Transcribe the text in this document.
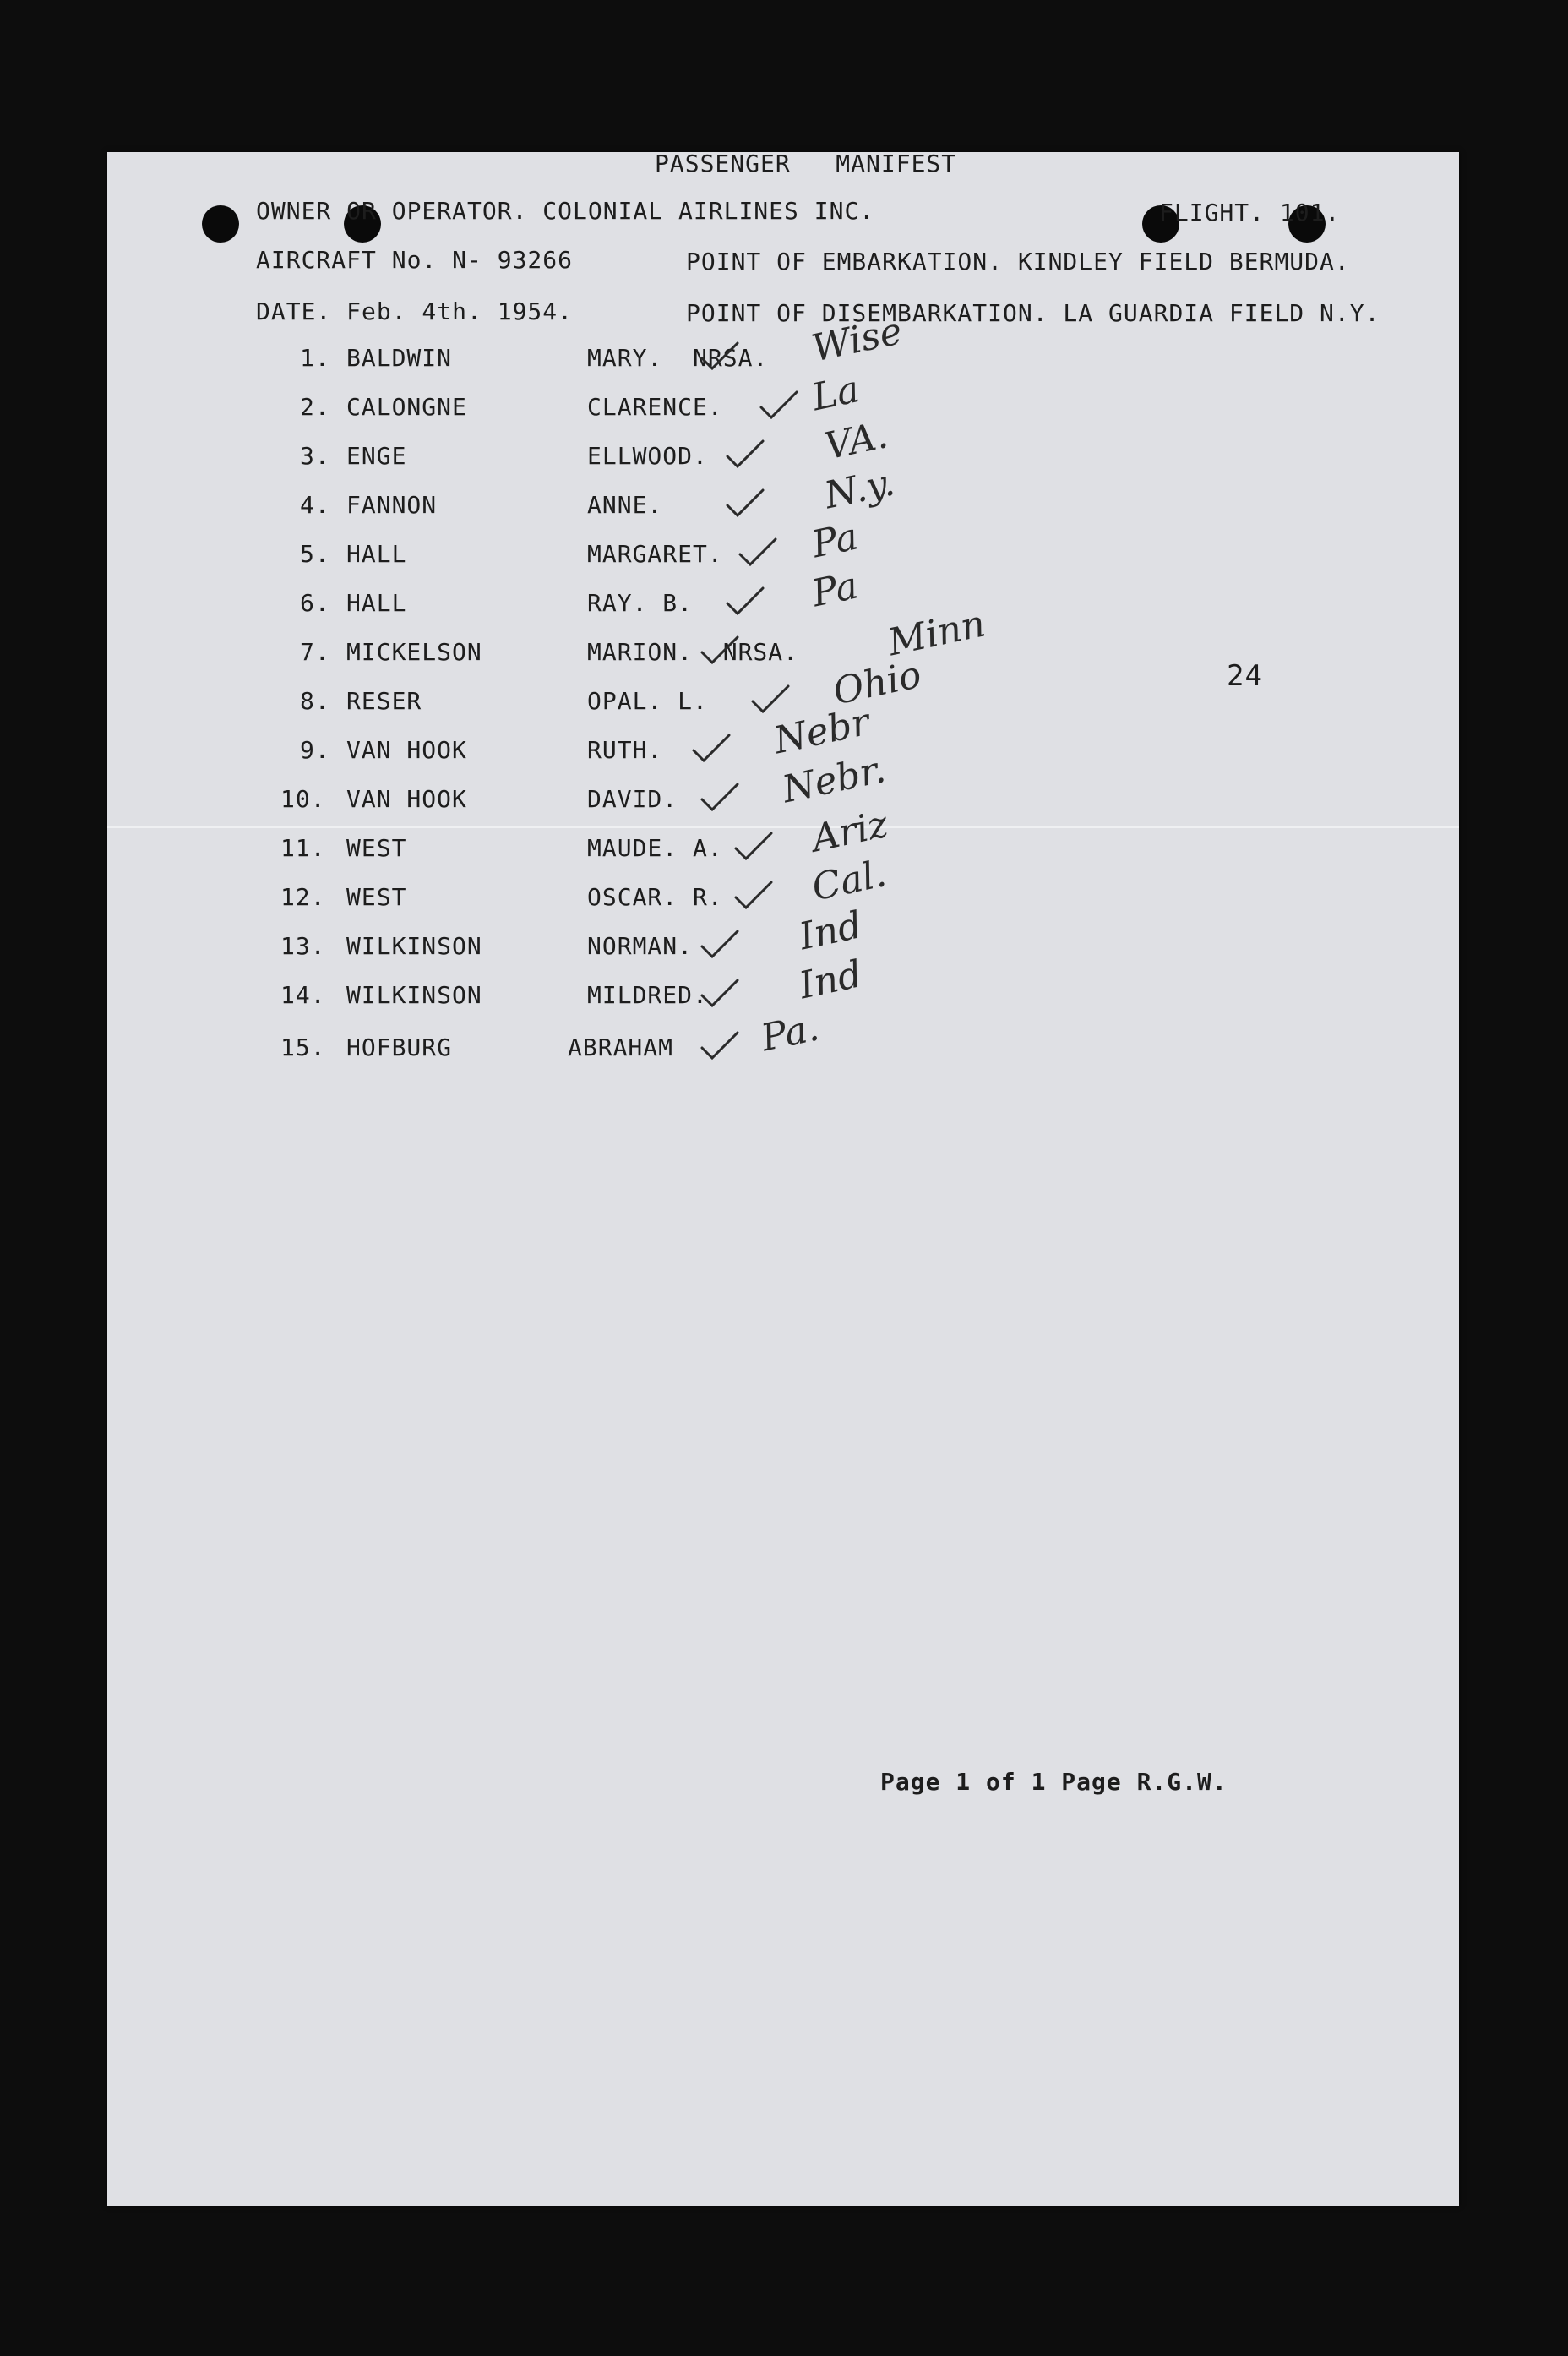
PASSENGER   MANIFEST
OWNER OR OPERATOR. COLONIAL AIRLINES INC.	FLIGHT. 101.
AIRCRAFT No. N- 93266	POINT OF EMBARKATION. KINDLEY FIELD BERMUDA.
DATE. Feb. 4th. 1954.	POINT OF DISEMBARKATION. LA GUARDIA FIELD N.Y.
1. BALDWIN	MARY.  NRSA. Wise
2. CALONGNE	CLARENCE. La
3. ENGE	ELLWOOD.	VA.
4. FANNON	ANNE.	N.y.
5. HALL	MARGARET. Pa
6. HALL	RAY. B.	Pa
7. MICKELSON	MARION.  NRSA. Minn
8. RESER	OPAL. L.	Ohio
9. VAN HOOK	RUTH.	Nebr
10. VAN HOOK	DAVID.	Nebr.
11. WEST	MAUDE. A. Ariz
12. WEST	OSCAR. R. Cal.
13. WILKINSON	NORMAN.	Ind
14. WILKINSON	MILDRED. Ind
15. HOFBURG	ABRAHAM Pa.
24
Page 1 of 1 Page R.G.W.
